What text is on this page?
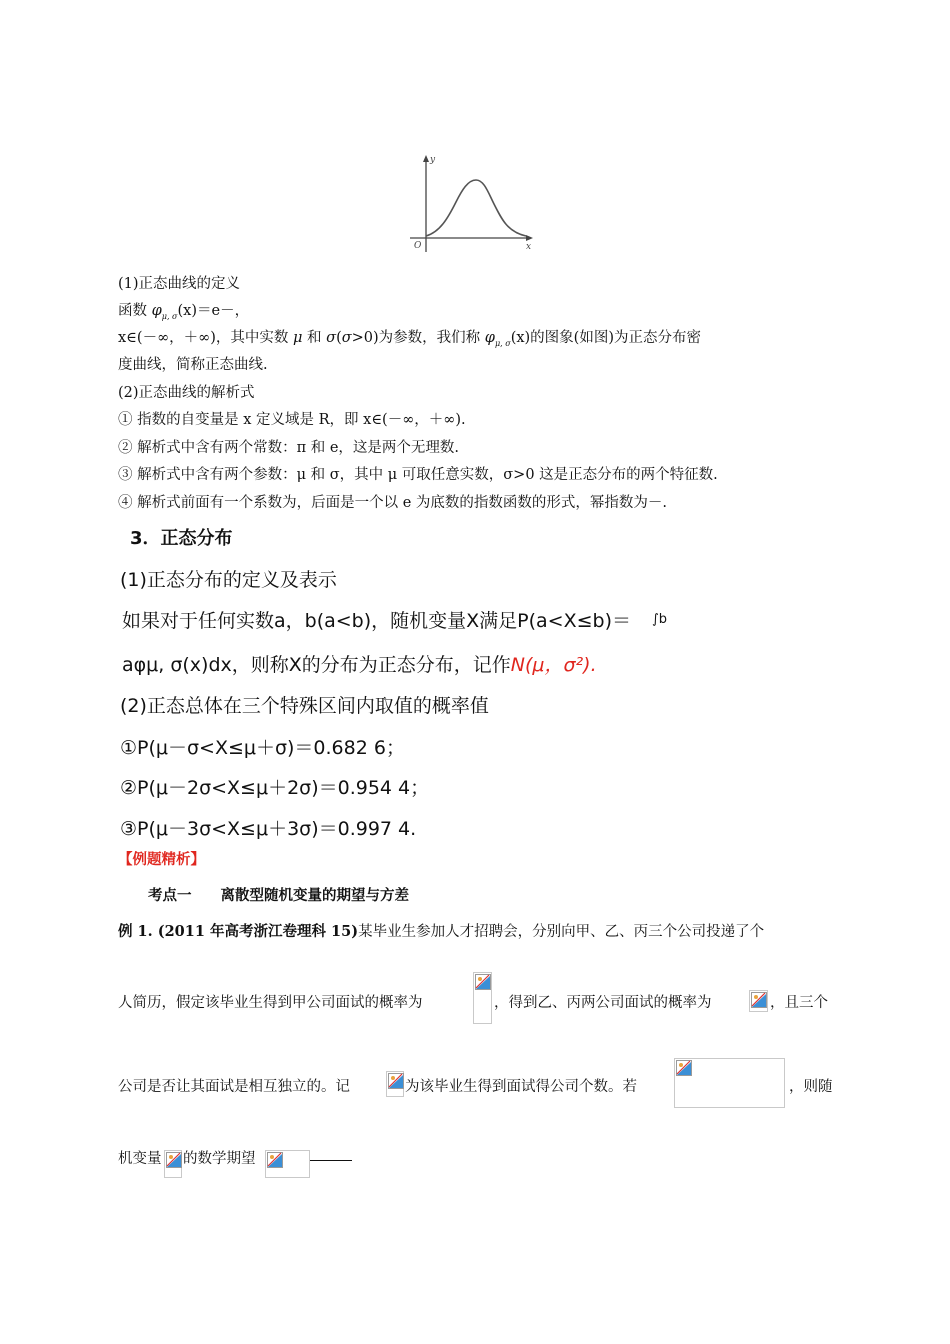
y
x
O
(1)正态曲线的定义
函数 $\varphi_{\mu, \sigma}(x)=e-$，
x∈(－∞，＋∞)，其中实数 μ 和 σ(σ>0)为参数，我们称 $\varphi_{\mu, \sigma}(x)$的图象(如图)为正态分布密
度曲线，简称正态曲线.
(2)正态曲线的解析式
① 指数的自变量是 x 定义域是 R，即 x∈(－∞，＋∞).
② 解析式中含有两个常数：π 和 e，这是两个无理数.
③ 解析式中含有两个参数：μ 和 σ，其中 μ 可取任意实数，σ>0 这是正态分布的两个特征数.
④ 解析式前面有一个系数为，后面是一个以 e 为底数的指数函数的形式，幂指数为－.
3．正态分布
(1)正态分布的定义及表示
如果对于任何实数a，b(a<b)，随机变量X满足P(a<X≤b)＝ ∫b
aφμ, σ(x)dx，则称X的分布为正态分布，记作N(μ，σ²).
(2)正态总体在三个特殊区间内取值的概率值
①P(μ－σ<X≤μ＋σ)＝0.682 6；
②P(μ－2σ<X≤μ＋2σ)＝0.954 4；
③P(μ－3σ<X≤μ＋3σ)＝0.997 4.
【例题精析】
考点一　　离散型随机变量的期望与方差
例 1. (2011 年高考浙江卷理科 15)某毕业生参加人才招聘会，分别向甲、乙、丙三个公司投递了个
人简历，假定该毕业生得到甲公司面试的概率为	，得到乙、丙两公司面试的概率为	，且三个
公司是否让其面试是相互独立的。记	为该毕业生得到面试得公司个数。若	，则随
机变量 的数学期望
